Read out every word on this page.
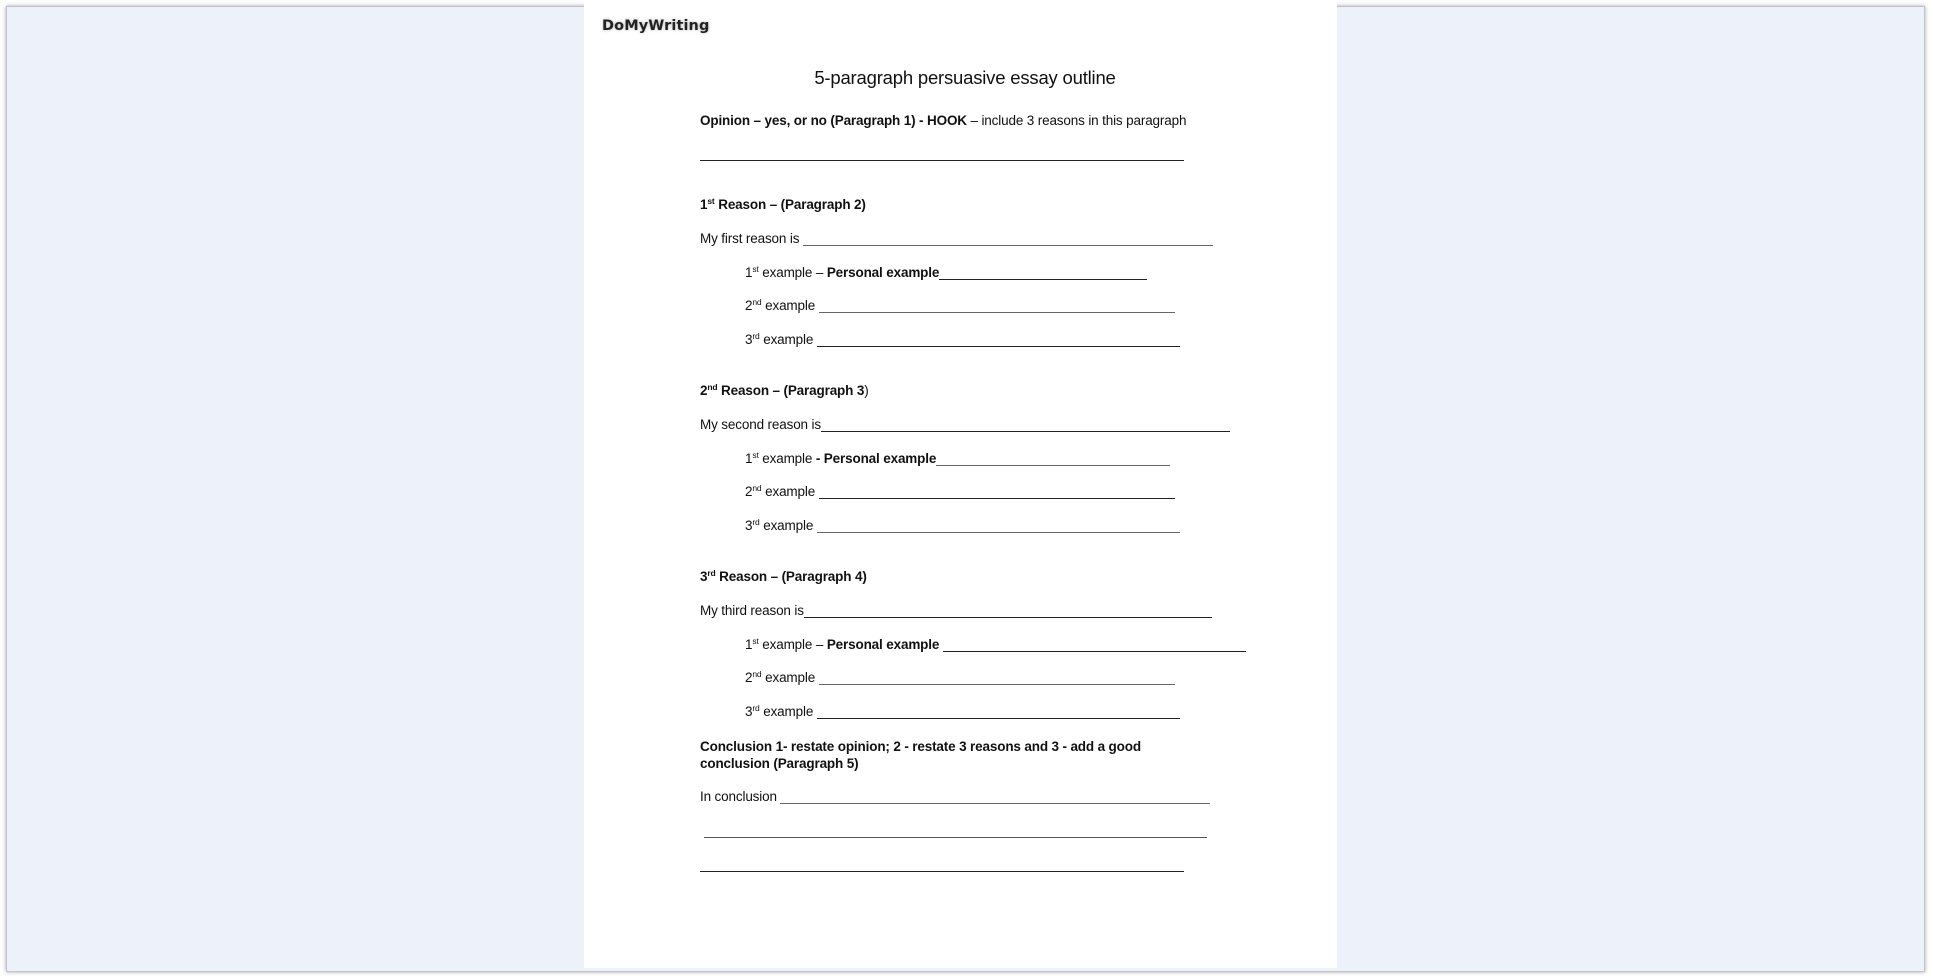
DoMyWriting
5-paragraph persuasive essay outline
Opinion – yes, or no (Paragraph 1) - HOOK – include 3 reasons in this paragraph
1st Reason – (Paragraph 2)
My first reason is
1st example – Personal example
2nd example
3rd example
2nd Reason – (Paragraph 3)
My second reason is
1st example - Personal example
2nd example
3rd example
3rd Reason – (Paragraph 4)
My third reason is
1st example – Personal example
2nd example
3rd example
Conclusion 1- restate opinion; 2 - restate 3 reasons and 3 - add a good conclusion (Paragraph 5)
In conclusion
